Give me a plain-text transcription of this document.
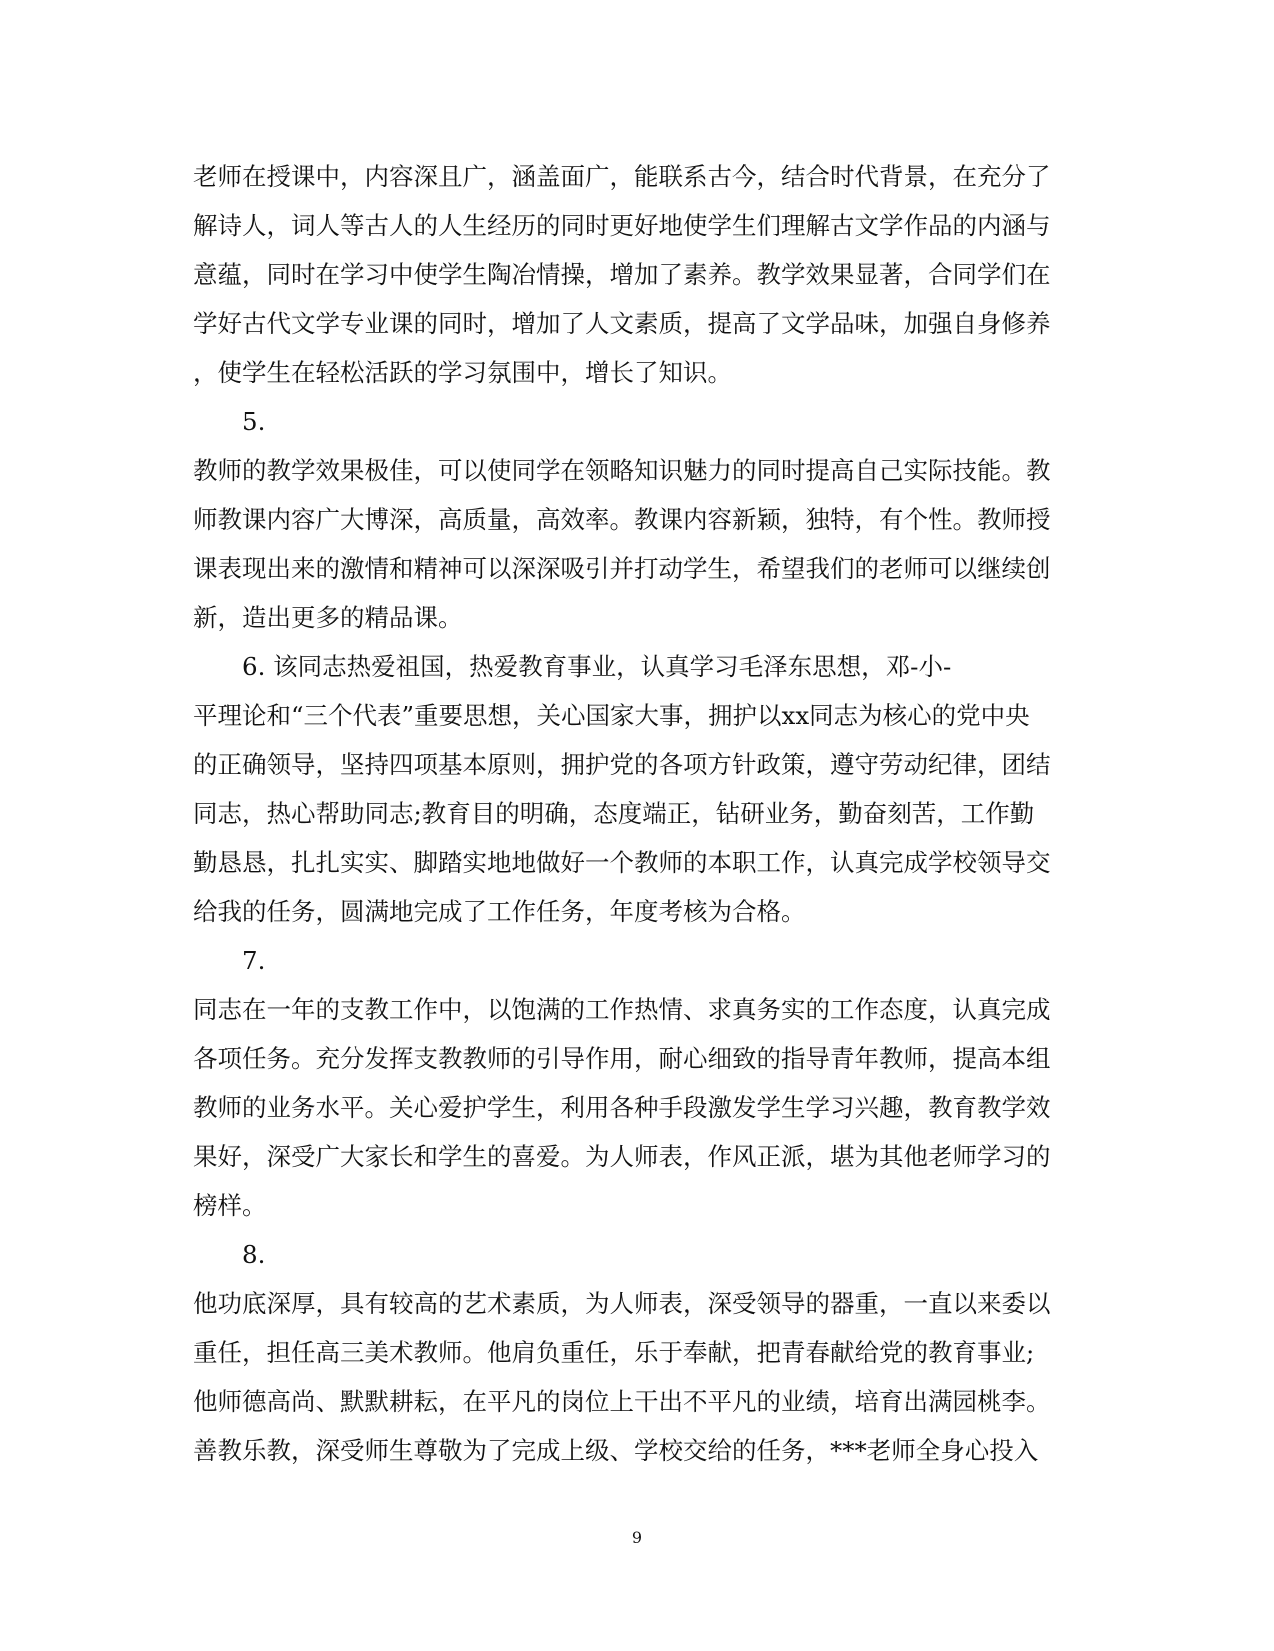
老师在授课中，内容深且广，涵盖面广，能联系古今，结合时代背景，在充分了
解诗人，词人等古人的人生经历的同时更好地使学生们理解古文学作品的内涵与
意蕴，同时在学习中使学生陶冶情操，增加了素养。教学效果显著，合同学们在
学好古代文学专业课的同时，增加了人文素质，提高了文学品味，加强自身修养
，使学生在轻松活跃的学习氛围中，增长了知识。
5.
教师的教学效果极佳，可以使同学在领略知识魅力的同时提高自己实际技能。教
师教课内容广大博深，高质量，高效率。教课内容新颖，独特，有个性。教师授
课表现出来的激情和精神可以深深吸引并打动学生，希望我们的老师可以继续创
新，造出更多的精品课。
6. 该同志热爱祖国，热爱教育事业，认真学习毛泽东思想，邓-小-
平理论和“三个代表”重要思想，关心国家大事，拥护以xx同志为核心的党中央
的正确领导，坚持四项基本原则，拥护党的各项方针政策，遵守劳动纪律，团结
同志，热心帮助同志;教育目的明确，态度端正，钻研业务，勤奋刻苦，工作勤
勤恳恳，扎扎实实、脚踏实地地做好一个教师的本职工作，认真完成学校领导交
给我的任务，圆满地完成了工作任务，年度考核为合格。
7.
同志在一年的支教工作中，以饱满的工作热情、求真务实的工作态度，认真完成
各项任务。充分发挥支教教师的引导作用，耐心细致的指导青年教师，提高本组
教师的业务水平。关心爱护学生，利用各种手段激发学生学习兴趣，教育教学效
果好，深受广大家长和学生的喜爱。为人师表，作风正派，堪为其他老师学习的
榜样。
8.
他功底深厚，具有较高的艺术素质，为人师表，深受领导的器重，一直以来委以
重任，担任高三美术教师。他肩负重任，乐于奉献，把青春献给党的教育事业;
他师德高尚、默默耕耘，在平凡的岗位上干出不平凡的业绩，培育出满园桃李。
善教乐教，深受师生尊敬为了完成上级、学校交给的任务，***老师全身心投入
9
